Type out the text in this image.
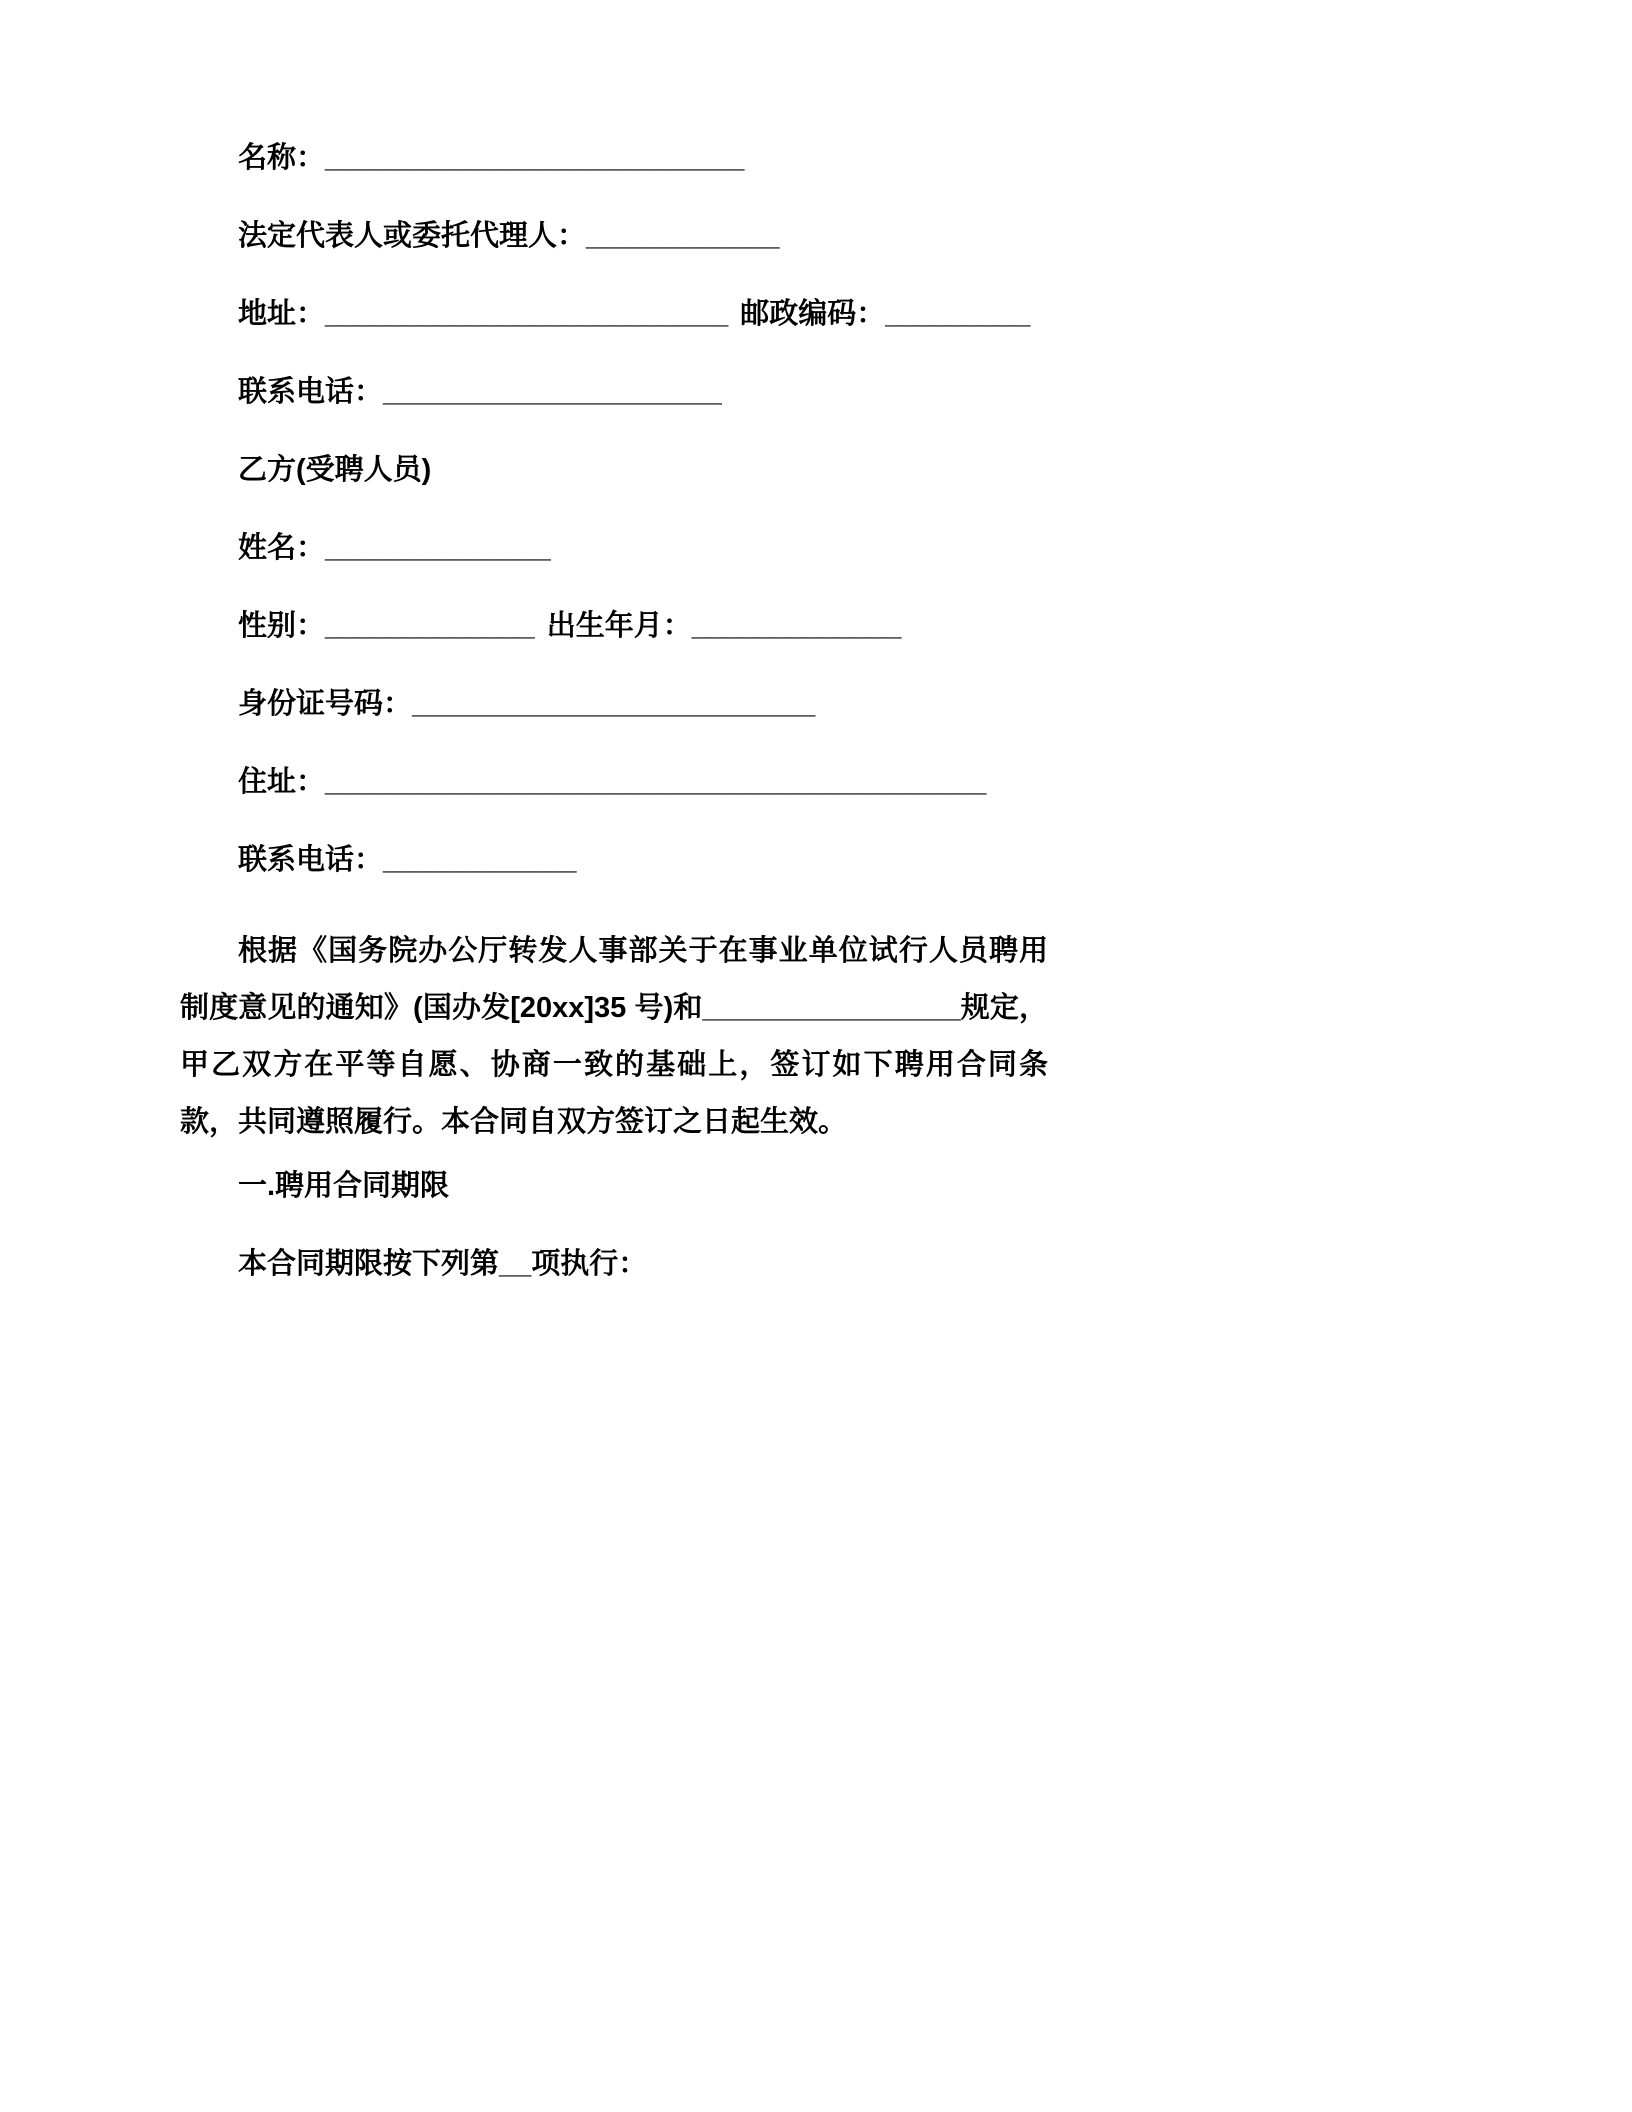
名称：__________________________

法定代表人或委托代理人：____________

地址：_________________________ 邮政编码：_________

联系电话：_____________________

乙方(受聘人员)

姓名：______________

性别：_____________ 出生年月：_____________

身份证号码：_________________________

住址：_________________________________________

联系电话：____________

根据《国务院办公厅转发人事部关于在事业单位试行人员聘用制度意见的通知》(国办发[20xx]35 号)和________________规定，甲乙双方在平等自愿、协商一致的基础上，签订如下聘用合同条款，共同遵照履行。本合同自双方签订之日起生效。

一.聘用合同期限

本合同期限按下列第__项执行：
